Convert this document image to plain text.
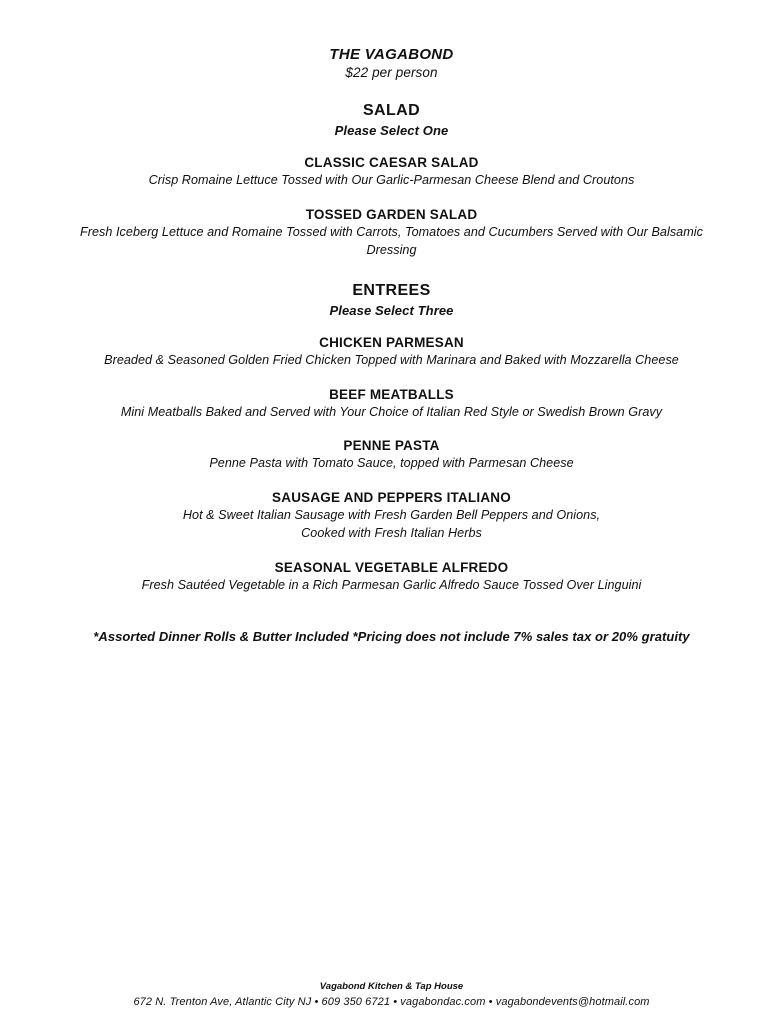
THE VAGABOND
$22 per person
SALAD
Please Select One
CLASSIC CAESAR SALAD
Crisp Romaine Lettuce Tossed with Our Garlic-Parmesan Cheese Blend and Croutons
TOSSED GARDEN SALAD
Fresh Iceberg Lettuce and Romaine Tossed with Carrots, Tomatoes and Cucumbers Served with Our Balsamic Dressing
ENTREES
Please Select Three
CHICKEN PARMESAN
Breaded & Seasoned Golden Fried Chicken Topped with Marinara and Baked with Mozzarella Cheese
BEEF MEATBALLS
Mini Meatballs Baked and Served with Your Choice of Italian Red Style or Swedish Brown Gravy
PENNE PASTA
Penne Pasta with Tomato Sauce, topped with Parmesan Cheese
SAUSAGE AND PEPPERS ITALIANO
Hot & Sweet Italian Sausage with Fresh Garden Bell Peppers and Onions, Cooked with Fresh Italian Herbs
SEASONAL VEGETABLE ALFREDO
Fresh Sautéed Vegetable in a Rich Parmesan Garlic Alfredo Sauce Tossed Over Linguini
*Assorted Dinner Rolls & Butter Included *Pricing does not include 7% sales tax or 20% gratuity
Vagabond Kitchen & Tap House
672 N. Trenton Ave, Atlantic City NJ • 609 350 6721 • vagabondac.com • vagabondevents@hotmail.com
